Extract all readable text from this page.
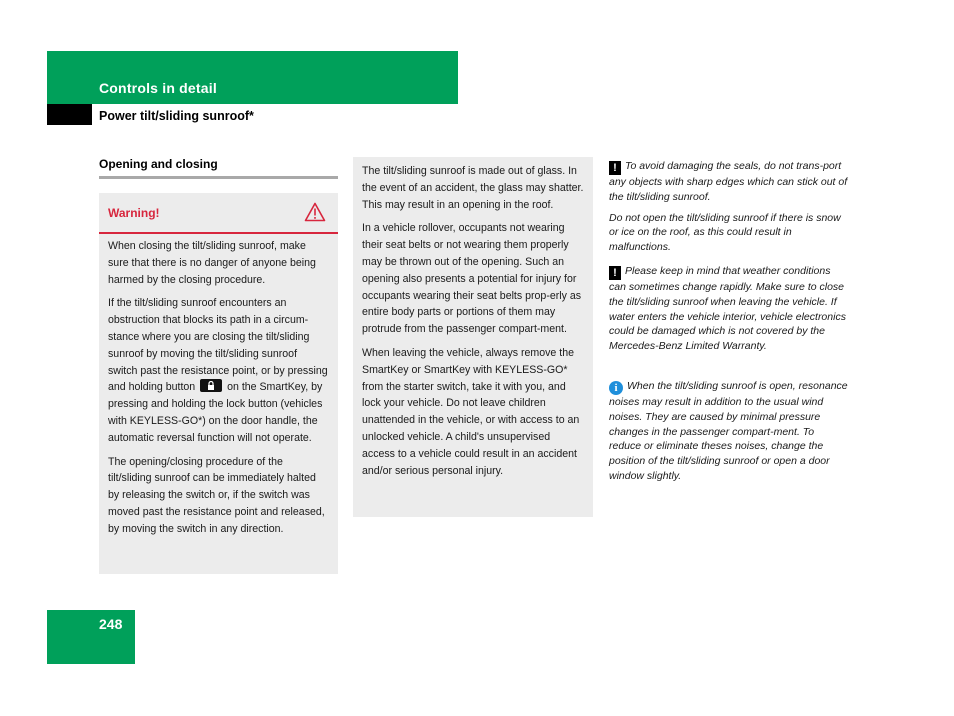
Controls in detail
Power tilt/sliding sunroof*
Opening and closing
Warning!

When closing the tilt/sliding sunroof, make sure that there is no danger of anyone being harmed by the closing procedure.

If the tilt/sliding sunroof encounters an obstruction that blocks its path in a circum-stance where you are closing the tilt/sliding sunroof by moving the tilt/sliding sunroof switch past the resistance point, or by pressing and holding button	on the SmartKey, by pressing and holding the lock button (vehicles with KEYLESS-GO*) on the door handle, the automatic reversal function will not operate.

The opening/closing procedure of the tilt/sliding sunroof can be immediately halted by releasing the switch or, if the switch was moved past the resistance point and released, by moving the switch in any direction.

The tilt/sliding sunroof is made out of glass. In the event of an accident, the glass may shatter. This may result in an opening in the roof.

In a vehicle rollover, occupants not wearing their seat belts or not wearing them properly may be thrown out of the opening. Such an opening also presents a potential for injury for occupants wearing their seat belts prop-erly as entire body parts or portions of them may protrude from the passenger compart-ment.

When leaving the vehicle, always remove the SmartKey or SmartKey with KEYLESS-GO* from the starter switch, take it with you, and lock your vehicle. Do not leave children unattended in the vehicle, or with access to an unlocked vehicle. A child's unsupervised access to a vehicle could result in an accident and/or serious personal injury.

! To avoid damaging the seals, do not trans-port any objects with sharp edges which can stick out of the tilt/sliding sunroof.

Do not open the tilt/sliding sunroof if there is snow or ice on the roof, as this could result in malfunctions.

! Please keep in mind that weather conditions can sometimes change rapidly. Make sure to close the tilt/sliding sunroof when leaving the vehicle. If water enters the vehicle interior, vehicle electronics could be damaged which is not covered by the Mercedes-Benz Limited Warranty.

i When the tilt/sliding sunroof is open, resonance noises may result in addition to the usual wind noises. They are caused by minimal pressure changes in the passenger compart-ment. To reduce or eliminate theses noises, change the position of the tilt/sliding sunroof or open a door window slightly.

248
